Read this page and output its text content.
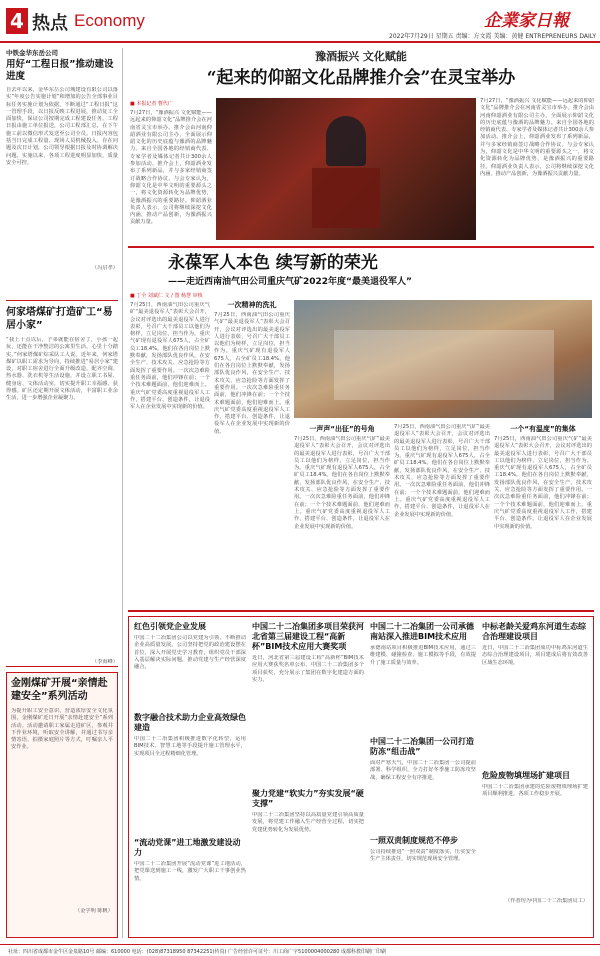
4 热点 Economy	企業家日報
2022年7月29日 星期五 责编：方文霞 美编：黄健 ENTREPRENEURS DAILY
中铁金华东岳公司
用好“工程日报”推动建设进度
自去年以来，金华东岳公司城建设有限公司以落实“年度公告实施计划”和增加的公告全部事业目标任务实施计划为依据，不断通过“工程日报”这一管理手段，以日报反映工程进展，推动复工全面加快，保证公司按期完成工程建设任务。工程日报由施工单位报送，公司工程部汇总，在下午施工前以微信形式发送至公司全员。日报内容包括当日完成工程量、现场人员机械投入、存在问题及次日计划，公司领导根据日报及时协调解决问题。实施以来，各项工程进度明显加快，质量安全可控。
（冯启孝）
何家塔煤矿打造矿工“易居小家”
“我上十点以后，子弟就能在宿舍了，小孩一起玩，还能在干净整洁的公寓里生活，心里十分踏实。”何家塔煤矿综采队工人说。近年来，何家塔煤矿以职工需求为导向，持续推进“易居小家”建设，对职工宿舍进行全面升级改造，配齐空调、热水器、洗衣机等生活设施，并设立职工书屋、健身房、文体活动室，切实提升职工幸福感、获得感。矿区还定期开展文体活动，丰富职工业余生活，进一步增强企业凝聚力。
（李海峰）
金刚煤矿开展“亲情赴建安全”系列活动
为提升职工安全意识，营造浓厚安全文化氛围，金刚煤矿近日开展“亲情赴建安全”系列活动。活动邀请职工家属走进矿区，参观井下作业环境，听取安全讲解，并通过书写亲情寄语、拍摄家庭照片等方式，叮嘱亲人平安作业。
（金学明 陈帆）
豫酒振兴 文化赋能
“起来的仰韶文化品牌推介会”在灵宝举办
■ 本报记者 曹代广
7月27日，“豫酒振兴 文化赋能——远起来的仰韶文化”品牌推介会在河南省灵宝市举办。推介会由河南仰韶酒业有限公司主办，全面展示仰韶文化的历史底蕴与豫酒的品牌魅力。来自全国各地的经销商代表、专家学者及媒体记者共计300余人参加活动。推介会上，仰韶酒业发布了系列新品，并与多家经销商签订战略合作协议。与会专家认为，仰韶文化是中华文明的重要源头之一，将文化资源转化为品牌优势，是豫酒振兴的重要路径。仰韶酒业负责人表示，公司将继续深挖文化内涵，推动产品创新，为豫酒振兴贡献力量。
7月27日，“豫酒振兴 文化赋能——远起来的仰韶文化”品牌推介会在河南省灵宝市举办。推介会由河南仰韶酒业有限公司主办，全面展示仰韶文化的历史底蕴与豫酒的品牌魅力。来自全国各地的经销商代表、专家学者及媒体记者共计300余人参加活动。推介会上，仰韶酒业发布了系列新品，并与多家经销商签订战略合作协议。与会专家认为，仰韶文化是中华文明的重要源头之一，将文化资源转化为品牌优势，是豫酒振兴的重要路径。仰韶酒业负责人表示，公司将继续深挖文化内涵，推动产品创新，为豫酒振兴贡献力量。
永葆军人本色 续写新的荣光
——走近西南油气田公司重庆气矿2022年度“最美退役军人”
■ 丁全 刘斌仁 文 / 图 杨慧 审核
7月25日，西南油气田公司重庆气矿“最美退役军人”表彰大会召开，会议对评选出的最美退役军人进行表彰，号召广大干部员工以他们为榜样，立足岗位，担当作为。重庆气矿现有退役军人675人，占全矿员工18.4%。他们在各自岗位上默默奉献，发扬部队优良作风，在安全生产、技术攻关、应急抢险等方面发挥了重要作用。一次次急难险重任务面前，他们冲锋在前；一个个技术难题面前，他们迎难而上。重庆气矿党委高度重视退役军人工作，搭建平台、创造条件，让退役军人在企业发展中实现新的价值。
一次精神的洗礼
7月25日，西南油气田公司重庆气矿“最美退役军人”表彰大会召开，会议对评选出的最美退役军人进行表彰，号召广大干部员工以他们为榜样，立足岗位，担当作为。重庆气矿现有退役军人675人，占全矿员工18.4%。他们在各自岗位上默默奉献，发扬部队优良作风，在安全生产、技术攻关、应急抢险等方面发挥了重要作用。一次次急难险重任务面前，他们冲锋在前；一个个技术难题面前，他们迎难而上。重庆气矿党委高度重视退役军人工作，搭建平台、创造条件，让退役军人在企业发展中实现新的价值。	一声声“出征”的号角
7月25日，西南油气田公司重庆气矿“最美退役军人”表彰大会召开，会议对评选出的最美退役军人进行表彰，号召广大干部员工以他们为榜样，立足岗位，担当作为。重庆气矿现有退役军人675人，占全矿员工18.4%。他们在各自岗位上默默奉献，发扬部队优良作风，在安全生产、技术攻关、应急抢险等方面发挥了重要作用。一次次急难险重任务面前，他们冲锋在前；一个个技术难题面前，他们迎难而上。重庆气矿党委高度重视退役军人工作，搭建平台、创造条件，让退役军人在企业发展中实现新的价值。
7月25日，西南油气田公司重庆气矿“最美退役军人”表彰大会召开，会议对评选出的最美退役军人进行表彰，号召广大干部员工以他们为榜样，立足岗位，担当作为。重庆气矿现有退役军人675人，占全矿员工18.4%。他们在各自岗位上默默奉献，发扬部队优良作风，在安全生产、技术攻关、应急抢险等方面发挥了重要作用。一次次急难险重任务面前，他们冲锋在前；一个个技术难题面前，他们迎难而上。重庆气矿党委高度重视退役军人工作，搭建平台、创造条件，让退役军人在企业发展中实现新的价值。
一个“有温度”的集体
7月25日，西南油气田公司重庆气矿“最美退役军人”表彰大会召开，会议对评选出的最美退役军人进行表彰，号召广大干部员工以他们为榜样，立足岗位，担当作为。重庆气矿现有退役军人675人，占全矿员工18.4%。他们在各自岗位上默默奉献，发扬部队优良作风，在安全生产、技术攻关、应急抢险等方面发挥了重要作用。一次次急难险重任务面前，他们冲锋在前；一个个技术难题面前，他们迎难而上。重庆气矿党委高度重视退役军人工作，搭建平台、创造条件，让退役军人在企业发展中实现新的价值。
红色引领党企业发展
中国二十二冶集团公司以党建为引领，不断推动企业高质量发展。公司坚持把党的政治建设摆在首位，深入开展党史学习教育，组织党员干部深入基层解决实际问题，推动党建与生产经营深度融合。
数字融合技术助力企业高效绿色建造
中国二十二冶集团积极推进数字化转型，运用BIM技术、智慧工地等手段提升施工管理水平，实现项目全过程精细化管理。
“流动党课”进工地激发建设动力
中国二十二冶集团开展“流动党课”进工地活动，把党课送到施工一线，激发广大职工干事创业热情。
中国二十二冶集团多项目荣获河北省第三届建设工程“高新杯”BIM技术应用大赛奖项
近日，河北省第三届建设工程“高新杯”BIM技术应用大赛获奖名单公布，中国二十二冶集团多个项目获奖，充分展示了集团在数字化建造方面的实力。
聚力党建“软实力”夯实发展“硬支撑”
中国二十二冶集团坚持以高质量党建引领高质量发展，将党建工作融入生产经营全过程，切实把党建优势转化为发展优势。
中国二十二冶集团一公司承德南站深入推进BIM技术应用
承德南站项目积极推进BIM技术应用，通过三维建模、碰撞检查、施工模拟等手段，有效提升了施工质量与效率。
中国二十二冶集团一公司打造防冻“组击战”
面对严寒天气，中国二十二冶集团一公司提前部署、科学组织，全力打好冬季施工防冻攻坚战，确保工程安全有序推进。
一照双责制度规范不停步
公司持续推进“一照双责”制度落实，压实安全生产主体责任，切实规范现场安全管理。
中标老龄关爱鸡东河道生态综合治理建设项目
近日，中国二十二冶集团成功中标鸡东河道生态综合治理建设项目，项目建成后将有效改善区域生态环境。
危险废物填埋场扩建项目
中国二十二冶集团承建的危险废物填埋场扩建项目顺利推进，各项工作稳步开展。
（作者均为中国二十二冶集团员工）
社址：四川省成都市金牛区金泉路10号 邮编：610000 电话：(028)87318950 87342251(传真) 广告经营许可证号：川工商广字5100004000280 成都科教印刷厂印刷
